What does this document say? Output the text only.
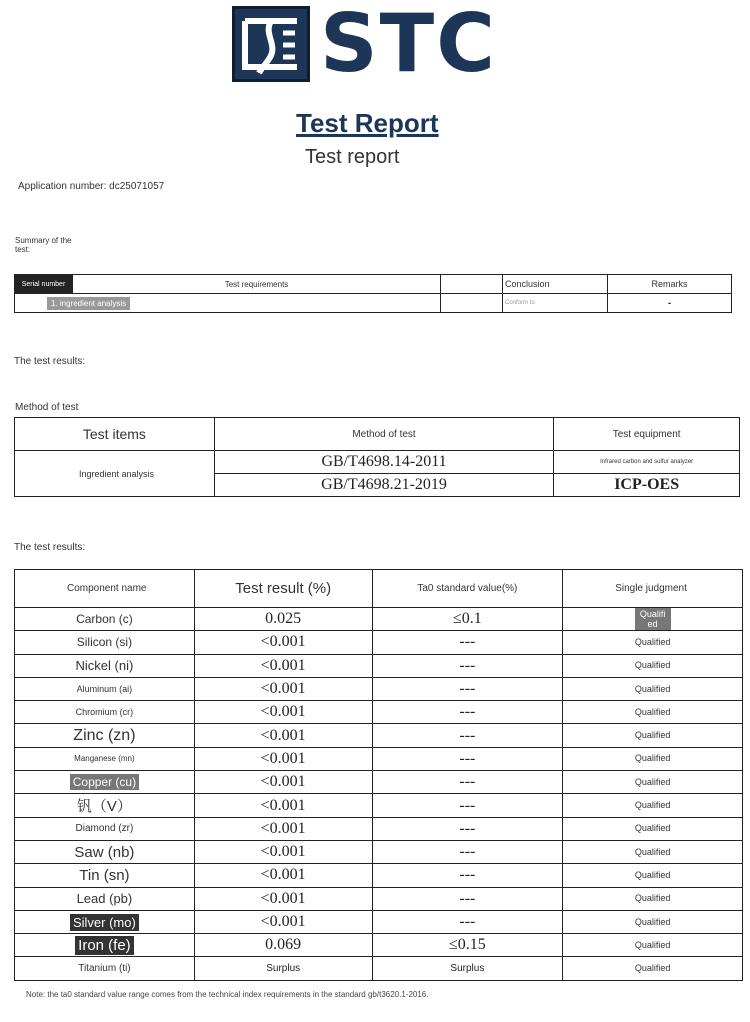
STC
Test Report
Test report
Application number: dc25071057
Summary of the test:
Serial number	Test requirements		Conclusion	Remarks
1. ingredient analysis			Conform to	-
The test results:
Method of test
Test items	Method of test	Test equipment
Ingredient analysis	GB/T4698.14-2011	Infrared carbon and sulfur analyzer
	GB/T4698.21-2019	ICP-OES
The test results:
Component name	Test result (%)	Ta0 standard value(%)	Single judgment
Carbon (c)	0.025	≤0.1	Qualified
Silicon (si)	<0.001	---	Qualified
Nickel (ni)	<0.001	---	Qualified
Aluminum (ai)	<0.001	---	Qualified
Chromium (cr)	<0.001	---	Qualified
Zinc (zn)	<0.001	---	Qualified
Manganese (mn)	<0.001	---	Qualified
Copper (cu)	<0.001	---	Qualified
钒（V）	<0.001	---	Qualified
Diamond (zr)	<0.001	---	Qualified
Saw (nb)	<0.001	---	Qualified
Tin (sn)	<0.001	---	Qualified
Lead (pb)	<0.001	---	Qualified
Silver (mo)	<0.001	---	Qualified
Iron (fe)	0.069	≤0.15	Qualified
Titanium (ti)	Surplus	Surplus	Qualified
Note: the ta0 standard value range comes from the technical index requirements in the standard gb/t3620.1-2016.
